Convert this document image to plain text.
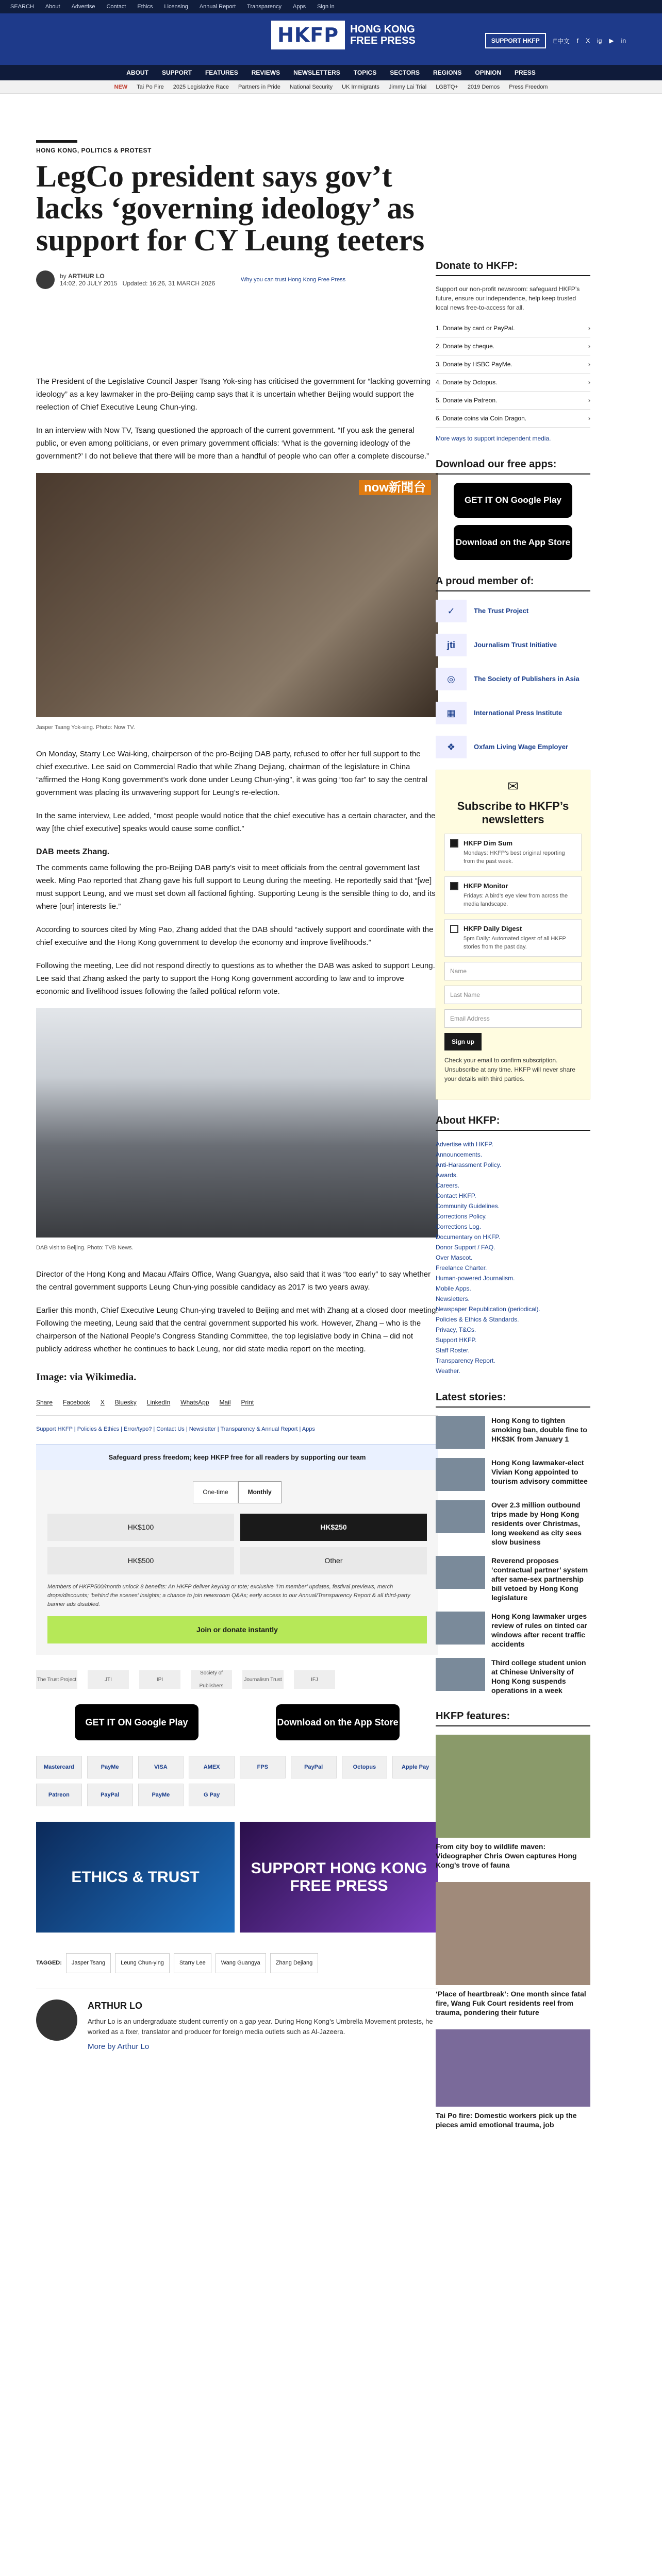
SEARCH About Advertise Contact Ethics Licensing Annual Report Transparency Apps Sign in
HKFP	HONG KONG
FREE PRESS	SUPPORT HKFP	E中文 f X ig ▶ in
ABOUT SUPPORT FEATURES REVIEWS NEWSLETTERS TOPICS SECTORS REGIONS OPINION PRESS
NEW Tai Po Fire 2025 Legislative Race Partners in Pride National Security UK Immigrants Jimmy Lai Trial LGBTQ+ 2019 Demos Press Freedom
HONG KONG, POLITICS & PROTEST
LegCo president says gov’t lacks ‘governing ideology’ as support for CY Leung teeters
by ARTHUR LO
14:02, 20 JULY 2015 Updated: 16:26, 31 MARCH 2026	Why you can trust Hong Kong Free Press

The President of the Legislative Council Jasper Tsang Yok-sing has criticised the government for “lacking governing ideology” as a key lawmaker in the pro-Beijing camp says that it is uncertain whether Beijing would support the reelection of Chief Executive Leung Chun-ying.

In an interview with Now TV, Tsang questioned the approach of the current government. “If you ask the general public, or even among politicians, or even primary government officials: ‘What is the governing ideology of the government?’ I do not believe that there will be more than a handful of people who can offer a complete discourse.”

now新聞台
Jasper Tsang Yok-sing. Photo: Now TV.

On Monday, Starry Lee Wai-king, chairperson of the pro-Beijing DAB party, refused to offer her full support to the chief executive. Lee said on Commercial Radio that while Zhang Dejiang, chairman of the legislature in China “affirmed the Hong Kong government’s work done under Leung Chun-ying”, it was going “too far” to say the central government was placing its unwavering support for Leung’s re-election.

In the same interview, Lee added, “most people would notice that the chief executive has a certain character, and the way [the chief executive] speaks would cause some conflict.”

DAB meets Zhang.

The comments came following the pro-Beijing DAB party’s visit to meet officials from the central government last week. Ming Pao reported that Zhang gave his full support to Leung during the meeting. He reportedly said that “[we] must support Leung, and we must set down all factional fighting. Supporting Leung is the sensible thing to do, and its where [our] interests lie.”

According to sources cited by Ming Pao, Zhang added that the DAB should “actively support and coordinate with the chief executive and the Hong Kong government to develop the economy and improve livelihoods.”

Following the meeting, Lee did not respond directly to questions as to whether the DAB was asked to support Leung. Lee said that Zhang asked the party to support the Hong Kong government according to law and to improve economic and livelihood issues following the failed political reform vote.

DAB visit to Beijing. Photo: TVB News.

Director of the Hong Kong and Macau Affairs Office, Wang Guangya, also said that it was “too early” to say whether the central government supports Leung Chun-ying possible candidacy as 2017 is two years away.

Earlier this month, Chief Executive Leung Chun-ying traveled to Beijing and met with Zhang at a closed door meeting. Following the meeting, Leung said that the central government supported his work. However, Zhang – who is the chairperson of the National People’s Congress Standing Committee, the top legislative body in China – did not publicly address whether he continues to back Leung, nor did state media report on the meeting.

Image: via Wikimedia.
Share Facebook X Bluesky LinkedIn WhatsApp Mail Print
Support HKFP | Policies & Ethics | Error/typo? | Contact Us | Newsletter | Transparency & Annual Report | Apps
Safeguard press freedom; keep HKFP free for all readers by supporting our team
One-time	Monthly
HK$100	HK$250
HK$500	Other
Members of HKFP500/month unlock 8 benefits: An HKFP deliver keyring or tote; exclusive ‘I’m member’ updates, festival previews, merch drops/discounts; ‘behind the scenes’ insights; a chance to join newsroom Q&As; early access to our Annual/Transparency Report & all third-party banner ads disabled.
Join or donate instantly
The Trust Project	JTI	IPI
Society of Publishers
Journalism Trust	IFJ
GET IT ON Google Play	Download on the App Store
Mastercard	PayMe	VISA	AMEX	FPS	PayPal	Octopus	Apple Pay
Patreon	PayPal	PayMe	G Pay
ETHICS & TRUST
SUPPORT HONG KONG FREE PRESS
TAGGED:	Jasper Tsang	Leung Chun-ying	Starry Lee	Wang Guangya	Zhang Dejiang
ARTHUR LO
Arthur Lo is an undergraduate student currently on a gap year. During Hong Kong’s Umbrella Movement protests, he worked as a fixer, translator and producer for foreign media outlets such as Al-Jazeera.
More by Arthur Lo
Donate to HKFP:
Support our non-profit newsroom: safeguard HKFP’s future, ensure our independence, help keep trusted local news free-to-access for all.
1. Donate by card or PayPal.	›
2. Donate by cheque.	›
3. Donate by HSBC PayMe.	›
4. Donate by Octopus.	›
5. Donate via Patreon.	›
6. Donate coins via Coin Dragon.	›
More ways to support independent media.
Download our free apps:
GET IT ON Google Play
Download on the App Store
A proud member of:
✓	The Trust Project
jti	Journalism Trust Initiative
◎	The Society of Publishers in Asia
▦	International Press Institute
❖	Oxfam Living Wage Employer
✉
Subscribe to HKFP’s newsletters
HKFP Dim Sum
Mondays: HKFP’s best original reporting from the past week.
HKFP Monitor
Fridays: A bird’s eye view from across the media landscape.
HKFP Daily Digest
5pm Daily: Automated digest of all HKFP stories from the past day.
Name
Last Name
Email Address
Sign up
Check your email to confirm subscription. Unsubscribe at any time. HKFP will never share your details with third parties.
About HKFP:
Advertise with HKFP.
Announcements.
Anti-Harassment Policy.
Awards.
Careers.
Contact HKFP.
Community Guidelines.
Corrections Policy.
Corrections Log.
Documentary on HKFP.
Donor Support / FAQ.
Over Mascot.
Freelance Charter.
Human-powered Journalism.
Mobile Apps.
Newsletters.
Newspaper Republication (periodical).
Policies & Ethics & Standards.
Privacy, T&Cs.
Support HKFP.
Staff Roster.
Transparency Report.
Weather.
Latest stories:
Hong Kong to tighten smoking ban, double fine to HK$3K from January 1
Hong Kong lawmaker-elect Vivian Kong appointed to tourism advisory committee
Over 2.3 million outbound trips made by Hong Kong residents over Christmas, long weekend as city sees slow business
Reverend proposes ‘contractual partner’ system after same-sex partnership bill vetoed by Hong Kong legislature
Hong Kong lawmaker urges review of rules on tinted car windows after recent traffic accidents
Third college student union at Chinese University of Hong Kong suspends operations in a week
HKFP features:
From city boy to wildlife maven: Videographer Chris Owen captures Hong Kong’s trove of fauna
‘Place of heartbreak’: One month since fatal fire, Wang Fuk Court residents reel from trauma, pondering their future
Tai Po fire: Domestic workers pick up the pieces amid emotional trauma, job
